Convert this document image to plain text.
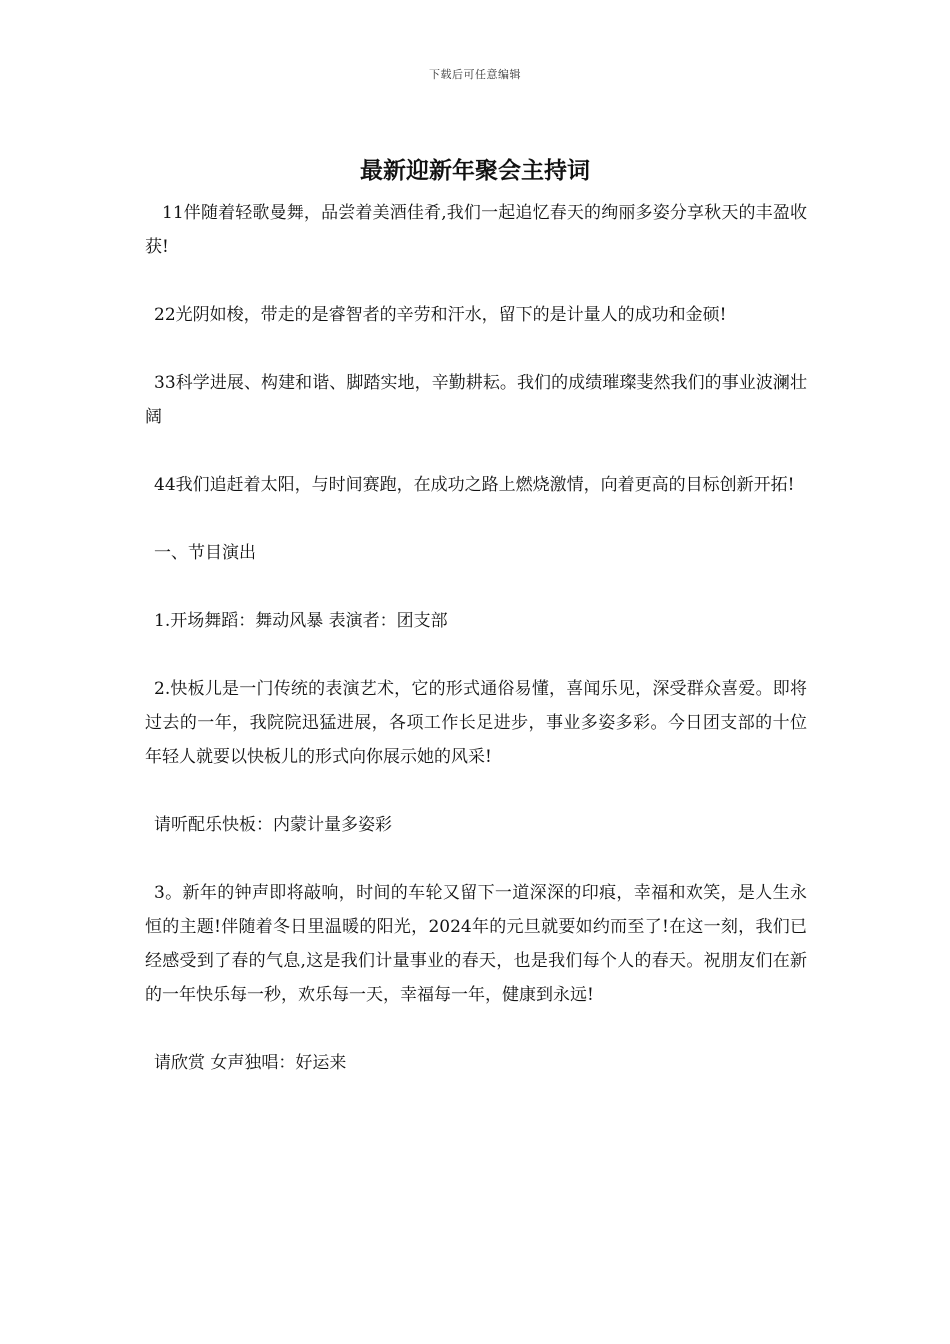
下载后可任意编辑
最新迎新年聚会主持词

11伴随着轻歌曼舞，品尝着美酒佳肴,我们一起追忆春天的绚丽多姿分享秋天的丰盈收获!

22光阴如梭，带走的是睿智者的辛劳和汗水，留下的是计量人的成功和金硕!

33科学进展、构建和谐、脚踏实地，辛勤耕耘。我们的成绩璀璨斐然我们的事业波澜壮阔

44我们追赶着太阳，与时间赛跑，在成功之路上燃烧激情，向着更高的目标创新开拓!

一、节目演出

1.开场舞蹈：舞动风暴 表演者：团支部

2.快板儿是一门传统的表演艺术，它的形式通俗易懂，喜闻乐见，深受群众喜爱。即将过去的一年，我院院迅猛进展，各项工作长足进步，事业多姿多彩。今日团支部的十位年轻人就要以快板儿的形式向你展示她的风采!

请听配乐快板：内蒙计量多姿彩

3。新年的钟声即将敲响，时间的车轮又留下一道深深的印痕，幸福和欢笑，是人生永恒的主题!伴随着冬日里温暖的阳光，2024年的元旦就要如约而至了!在这一刻，我们已经感受到了春的气息,这是我们计量事业的春天，也是我们每个人的春天。祝朋友们在新的一年快乐每一秒，欢乐每一天，幸福每一年，健康到永远!

请欣赏 女声独唱：好运来
